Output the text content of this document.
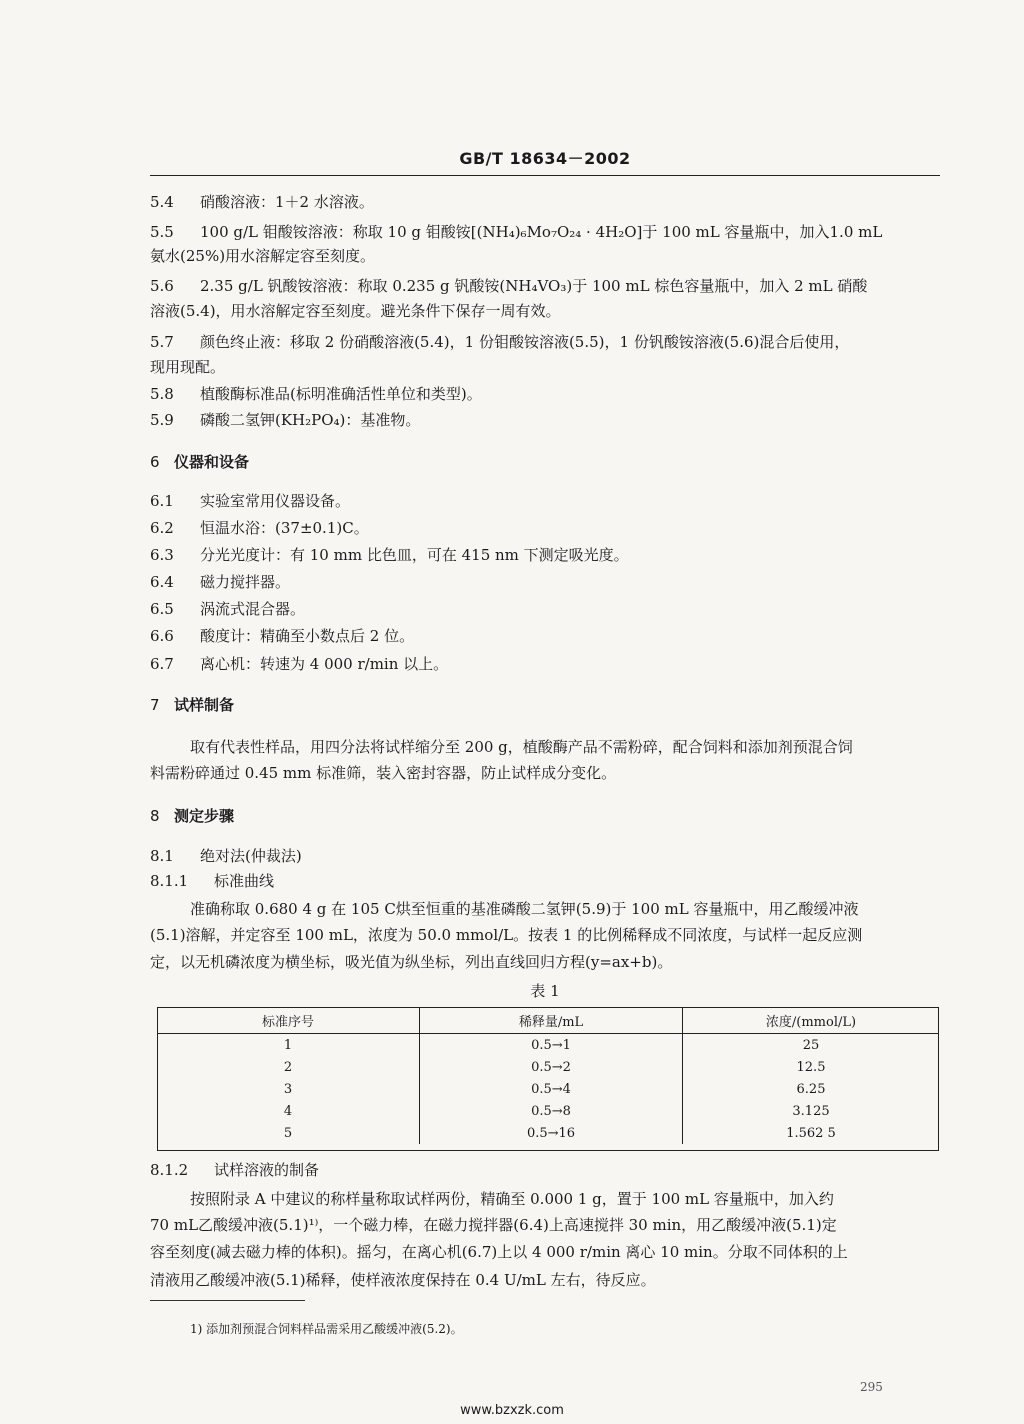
GB/T 18634－2002
5.4 硝酸溶液：1＋2 水溶液。
5.5 100 g/L 钼酸铵溶液：称取 10 g 钼酸铵[(NH₄)₆Mo₇O₂₄ · 4H₂O]于 100 mL 容量瓶中，加入1.0 mL
氨水(25%)用水溶解定容至刻度。
5.6 2.35 g/L 钒酸铵溶液：称取 0.235 g 钒酸铵(NH₄VO₃)于 100 mL 棕色容量瓶中，加入 2 mL 硝酸
溶液(5.4)，用水溶解定容至刻度。避光条件下保存一周有效。
5.7 颜色终止液：移取 2 份硝酸溶液(5.4)，1 份钼酸铵溶液(5.5)，1 份钒酸铵溶液(5.6)混合后使用，
现用现配。
5.8 植酸酶标准品(标明准确活性单位和类型)。
5.9 磷酸二氢钾(KH₂PO₄)：基准物。
6 仪器和设备
6.1 实验室常用仪器设备。
6.2 恒温水浴：(37±0.1)C。
6.3 分光光度计：有 10 mm 比色皿，可在 415 nm 下测定吸光度。
6.4 磁力搅拌器。
6.5 涡流式混合器。
6.6 酸度计：精确至小数点后 2 位。
6.7 离心机：转速为 4 000 r/min 以上。
7 试样制备
取有代表性样品，用四分法将试样缩分至 200 g，植酸酶产品不需粉碎，配合饲料和添加剂预混合饲
料需粉碎通过 0.45 mm 标准筛，装入密封容器，防止试样成分变化。
8 测定步骤
8.1 绝对法(仲裁法)
8.1.1 标准曲线
准确称取 0.680 4 g 在 105 C烘至恒重的基准磷酸二氢钾(5.9)于 100 mL 容量瓶中，用乙酸缓冲液
(5.1)溶解，并定容至 100 mL，浓度为 50.0 mmol/L。按表 1 的比例稀释成不同浓度，与试样一起反应测
定，以无机磷浓度为横坐标，吸光值为纵坐标，列出直线回归方程(y=ax+b)。
表 1
标准序号	稀释量/mL	浓度/(mmol/L)
1	0.5→1	25
2	0.5→2	12.5
3	0.5→4	6.25
4	0.5→8	3.125
5	0.5→16	1.562 5
8.1.2 试样溶液的制备
按照附录 A 中建议的称样量称取试样两份，精确至 0.000 1 g，置于 100 mL 容量瓶中，加入约
70 mL乙酸缓冲液(5.1)¹⁾，一个磁力棒，在磁力搅拌器(6.4)上高速搅拌 30 min，用乙酸缓冲液(5.1)定
容至刻度(减去磁力棒的体积)。摇匀，在离心机(6.7)上以 4 000 r/min 离心 10 min。分取不同体积的上
清液用乙酸缓冲液(5.1)稀释，使样液浓度保持在 0.4 U/mL 左右，待反应。
1) 添加剂预混合饲料样品需采用乙酸缓冲液(5.2)。
295
www.bzxzk.com
